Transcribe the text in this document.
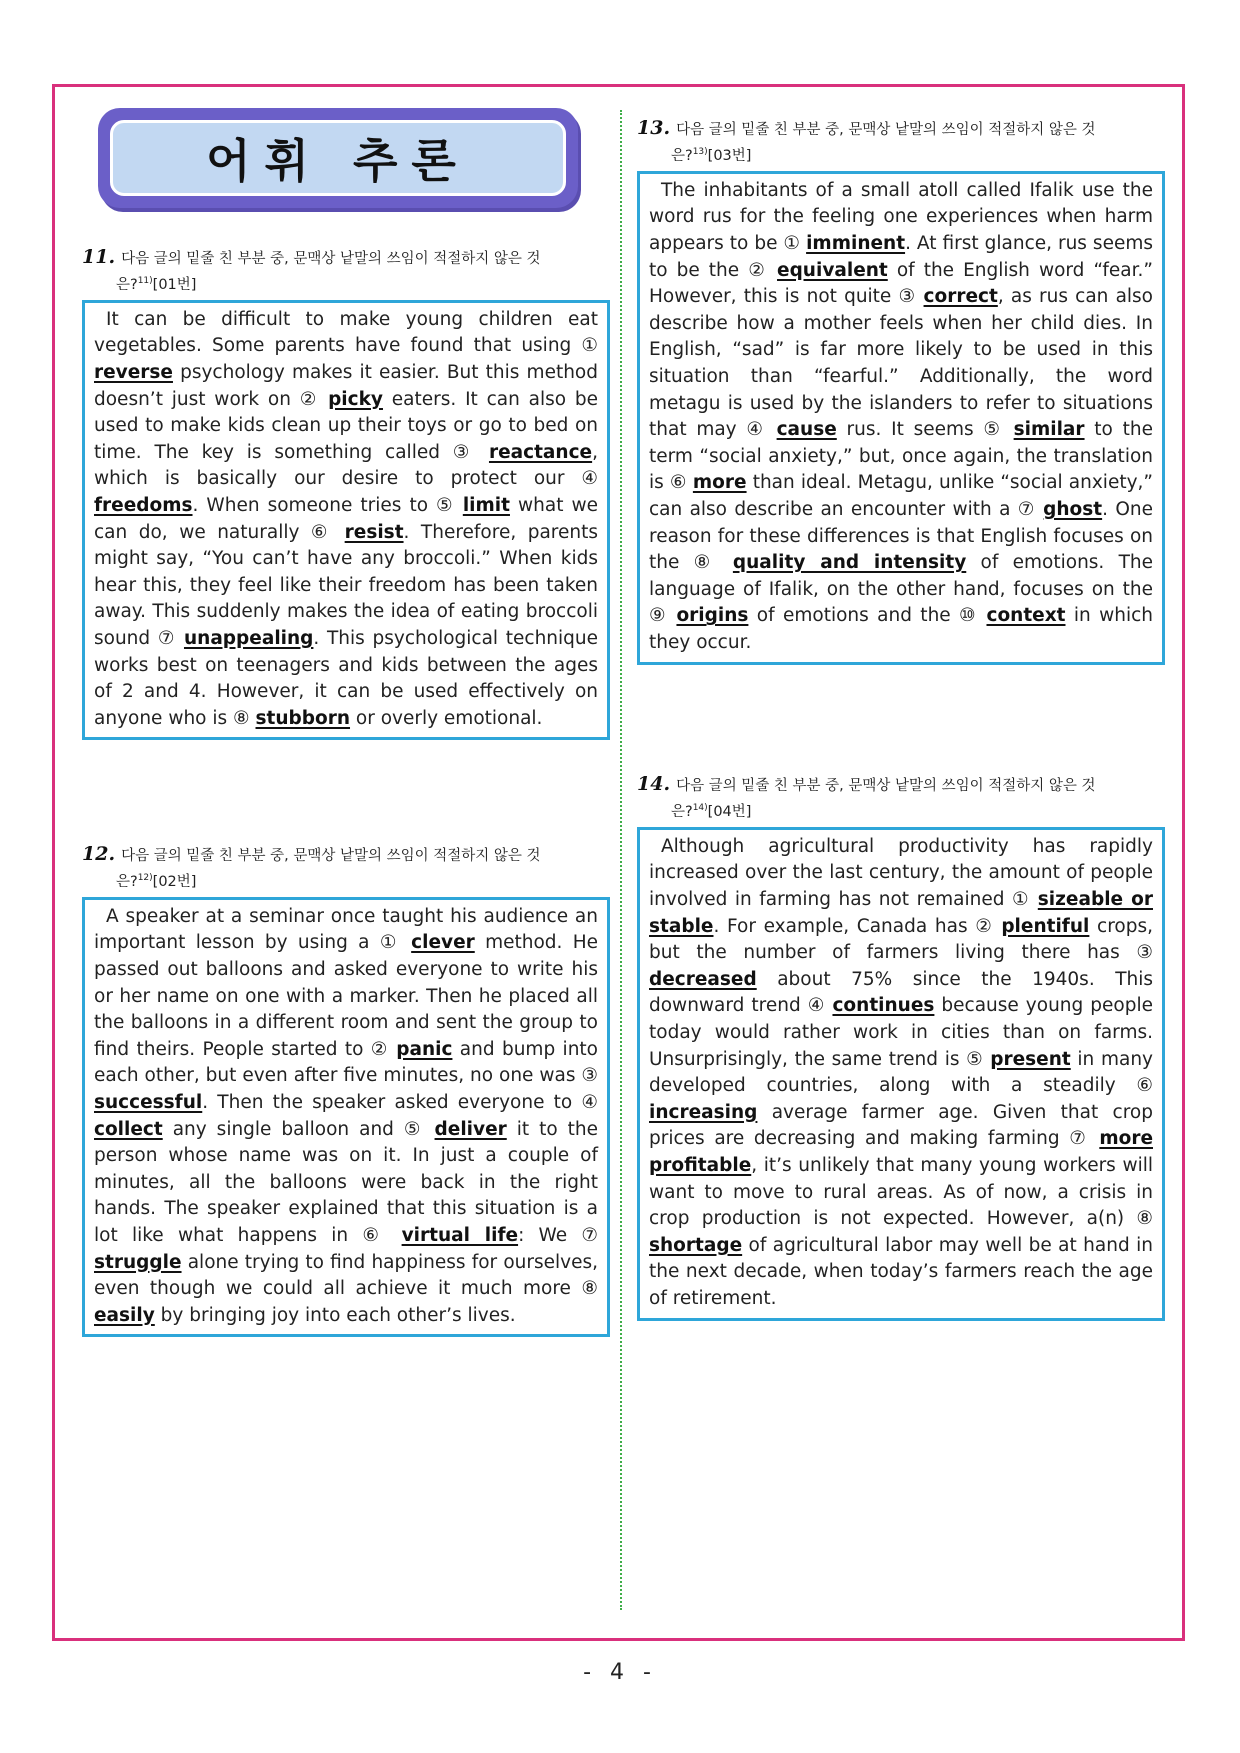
어휘 추론
11. 다음 글의 밑줄 친 부분 중, 문맥상 낱말의 쓰임이 적절하지 않은 것
은?$^{11)}$[01번]
It can be difficult to make young children eat vegetables. Some parents have found that using ① reverse psychology makes it easier. But this method doesn’t just work on ② picky eaters. It can also be used to make kids clean up their toys or go to bed on time. The key is something called ③ reactance, which is basically our desire to protect our ④ freedoms. When someone tries to ⑤ limit what we can do, we naturally ⑥ resist. Therefore, parents might say, “You can’t have any broccoli.” When kids hear this, they feel like their freedom has been taken away. This suddenly makes the idea of eating broccoli sound ⑦ unappealing. This psychological technique works best on teenagers and kids between the ages of 2 and 4. However, it can be used effectively on anyone who is ⑧ stubborn or overly emotional.
12. 다음 글의 밑줄 친 부분 중, 문맥상 낱말의 쓰임이 적절하지 않은 것
은?$^{12)}$[02번]
A speaker at a seminar once taught his audience an important lesson by using a ① clever method. He passed out balloons and asked everyone to write his or her name on one with a marker. Then he placed all the balloons in a different room and sent the group to find theirs. People started to ② panic and bump into each other, but even after five minutes, no one was ③ successful. Then the speaker asked everyone to ④ collect any single balloon and ⑤ deliver it to the person whose name was on it. In just a couple of minutes, all the balloons were back in the right hands. The speaker explained that this situation is a lot like what happens in ⑥ virtual life: We ⑦ struggle alone trying to find happiness for ourselves, even though we could all achieve it much more ⑧ easily by bringing joy into each other’s lives.
13. 다음 글의 밑줄 친 부분 중, 문맥상 낱말의 쓰임이 적절하지 않은 것
은?$^{13)}$[03번]
The inhabitants of a small atoll called Ifalik use the word rus for the feeling one experiences when harm appears to be ① imminent. At first glance, rus seems to be the ② equivalent of the English word “fear.” However, this is not quite ③ correct, as rus can also describe how a mother feels when her child dies. In English, “sad” is far more likely to be used in this situation than “fearful.” Additionally, the word metagu is used by the islanders to refer to situations that may ④ cause rus. It seems ⑤ similar to the term “social anxiety,” but, once again, the translation is ⑥ more than ideal. Metagu, unlike “social anxiety,” can also describe an encounter with a ⑦ ghost. One reason for these differences is that English focuses on the ⑧ quality and intensity of emotions. The language of Ifalik, on the other hand, focuses on the ⑨ origins of emotions and the ⑩ context in which they occur.
14. 다음 글의 밑줄 친 부분 중, 문맥상 낱말의 쓰임이 적절하지 않은 것
은?$^{14)}$[04번]
Although agricultural productivity has rapidly increased over the last century, the amount of people involved in farming has not remained ① sizeable or stable. For example, Canada has ② plentiful crops, but the number of farmers living there has ③ decreased about 75% since the 1940s. This downward trend ④ continues because young people today would rather work in cities than on farms. Unsurprisingly, the same trend is ⑤ present in many developed countries, along with a steadily ⑥ increasing average farmer age. Given that crop prices are decreasing and making farming ⑦ more profitable, it’s unlikely that many young workers will want to move to rural areas. As of now, a crisis in crop production is not expected. However, a(n) ⑧ shortage of agricultural labor may well be at hand in the next decade, when today’s farmers reach the age of retirement.
- 4 -
